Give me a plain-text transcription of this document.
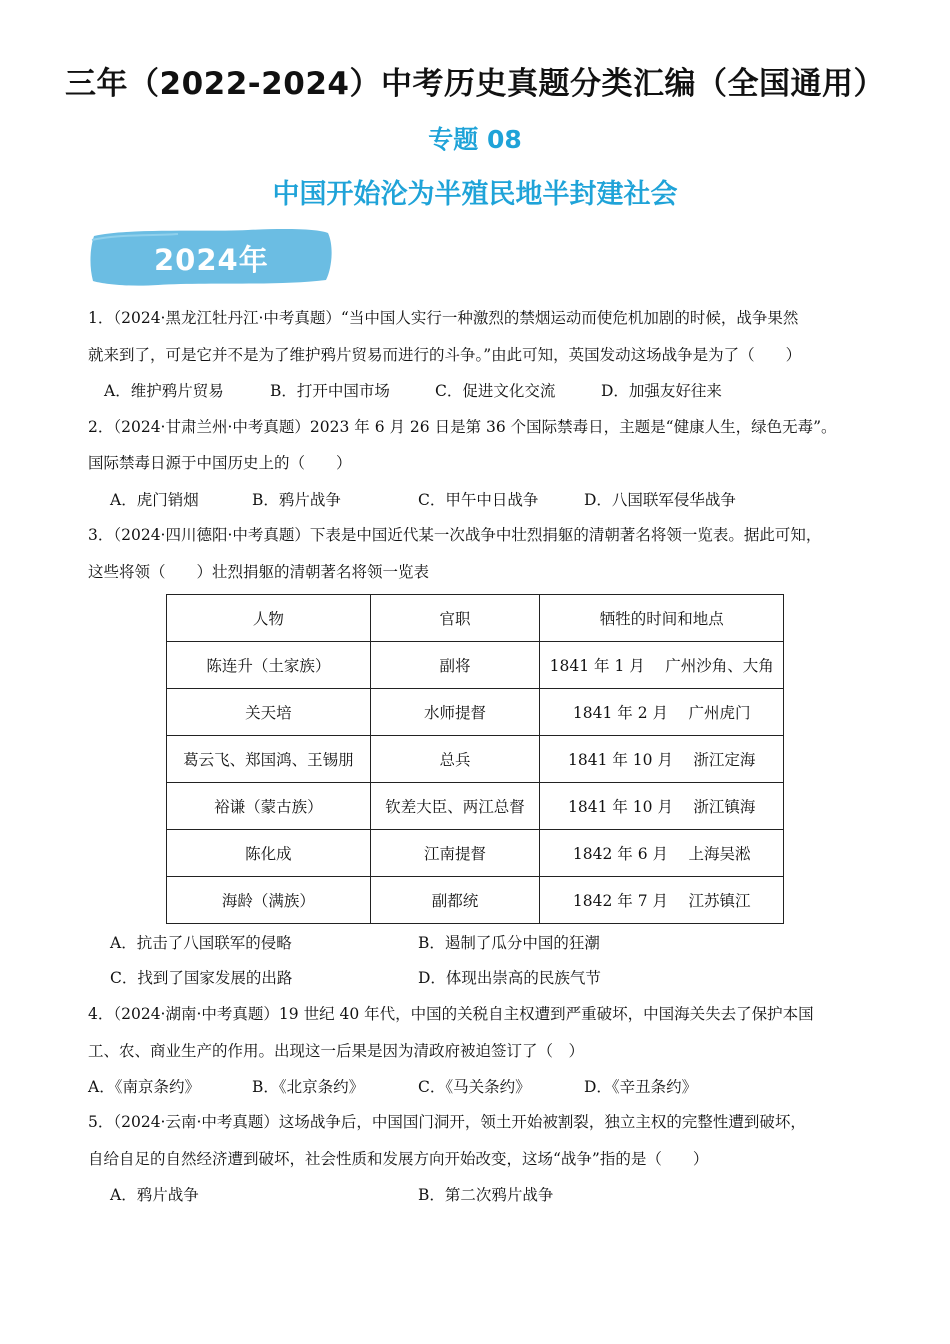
三年（2022-2024）中考历史真题分类汇编（全国通用）
专题 08
中国开始沦为半殖民地半封建社会
2024年
1．（2024·黑龙江牡丹江·中考真题）“当中国人实行一种激烈的禁烟运动而使危机加剧的时候，战争果然
就来到了，可是它并不是为了维护鸦片贸易而进行的斗争。”由此可知，英国发动这场战争是为了（　　）
A．维护鸦片贸易	B．打开中国市场	C．促进文化交流	D．加强友好往来
2．（2024·甘肃兰州·中考真题）2023 年 6 月 26 日是第 36 个国际禁毒日，主题是“健康人生，绿色无毒”。
国际禁毒日源于中国历史上的（　　）
A．虎门销烟	B．鸦片战争	C．甲午中日战争	D．八国联军侵华战争
3．（2024·四川德阳·中考真题）下表是中国近代某一次战争中壮烈捐躯的清朝著名将领一览表。据此可知，
这些将领（　　）壮烈捐躯的清朝著名将领一览表
人物	官职	牺牲的时间和地点
陈连升（土家族）	副将	1841 年 1 月　 广州沙角、大角
关天培	水师提督	1841 年 2 月　 广州虎门
葛云飞、郑国鸿、王锡朋	总兵	1841 年 10 月　 浙江定海
裕谦（蒙古族）	钦差大臣、两江总督	1841 年 10 月　 浙江镇海
陈化成	江南提督	1842 年 6 月　 上海吴淞
海龄（满族）	副都统	1842 年 7 月　 江苏镇江
A．抗击了八国联军的侵略	B．遏制了瓜分中国的狂潮
C．找到了国家发展的出路	D．体现出崇高的民族气节
4．（2024·湖南·中考真题）19 世纪 40 年代，中国的关税自主权遭到严重破坏，中国海关失去了保护本国
工、农、商业生产的作用。出现这一后果是因为清政府被迫签订了（　）
A．《南京条约》	B．《北京条约》	C．《马关条约》	D．《辛丑条约》
5．（2024·云南·中考真题）这场战争后，中国国门洞开，领土开始被割裂，独立主权的完整性遭到破坏，
自给自足的自然经济遭到破坏，社会性质和发展方向开始改变，这场“战争”指的是（　　）
A．鸦片战争	B．第二次鸦片战争
